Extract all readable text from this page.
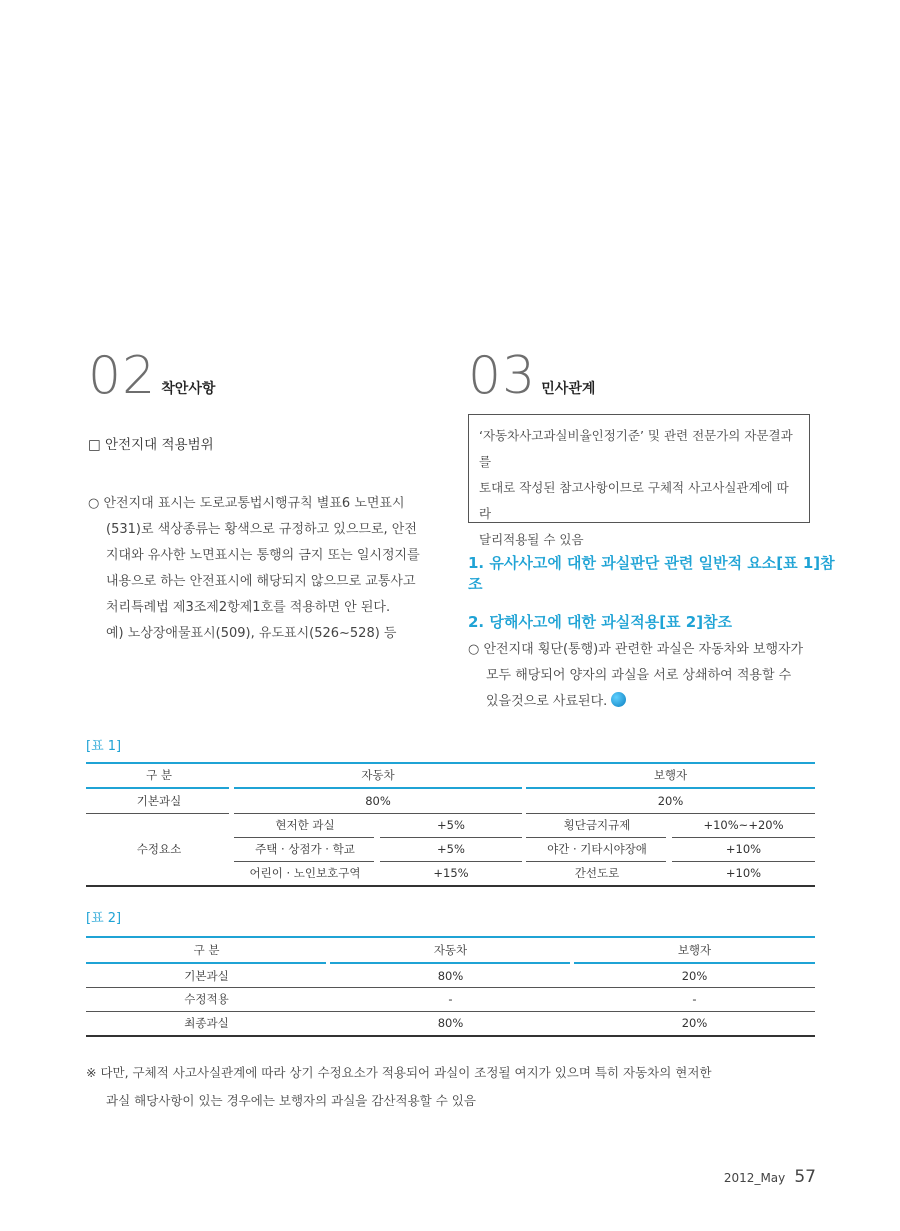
02 착안사항	03 민사관계
□ 안전지대 적용범위
○ 안전지대 표시는 도로교통법시행규칙 별표6 노면표시
(531)로 색상종류는 황색으로 규정하고 있으므로, 안전
지대와 유사한 노면표시는 통행의 금지 또는 일시정지를
내용으로 하는 안전표시에 해당되지 않으므로 교통사고
처리특례법 제3조제2항제1호를 적용하면 안 된다.
예) 노상장애물표시(509), 유도표시(526~528) 등
‘자동차사고과실비율인정기준’ 및 관련 전문가의 자문결과를
토대로 작성된 참고사항이므로 구체적 사고사실관계에 따라
달리적용될 수 있음
1. 유사사고에 대한 과실판단 관련 일반적 요소[표 1]참조
2. 당해사고에 대한 과실적용[표 2]참조
○ 안전지대 횡단(통행)과 관련한 과실은 자동차와 보행자가
모두 해당되어 양자의 과실을 서로 상쇄하여 적용할 수
있을것으로 사료된다.
[표 1]
구 분	자동차	보행자
기본과실	80%	20%
수정요소
현저한 과실	+5%	횡단금지규제	+10%~+20%
주택 · 상점가 · 학교	+5%	야간 · 기타시야장애	+10%
어린이 · 노인보호구역	+15%	간선도로	+10%
[표 2]
구 분	자동차	보행자
기본과실	80%	20%
수정적용	-	-
최종과실	80%	20%
※ 다만, 구체적 사고사실관계에 따라 상기 수정요소가 적용되어 과실이 조정될 여지가 있으며 특히 자동차의 현저한
과실 해당사항이 있는 경우에는 보행자의 과실을 감산적용할 수 있음
2012_May 57
